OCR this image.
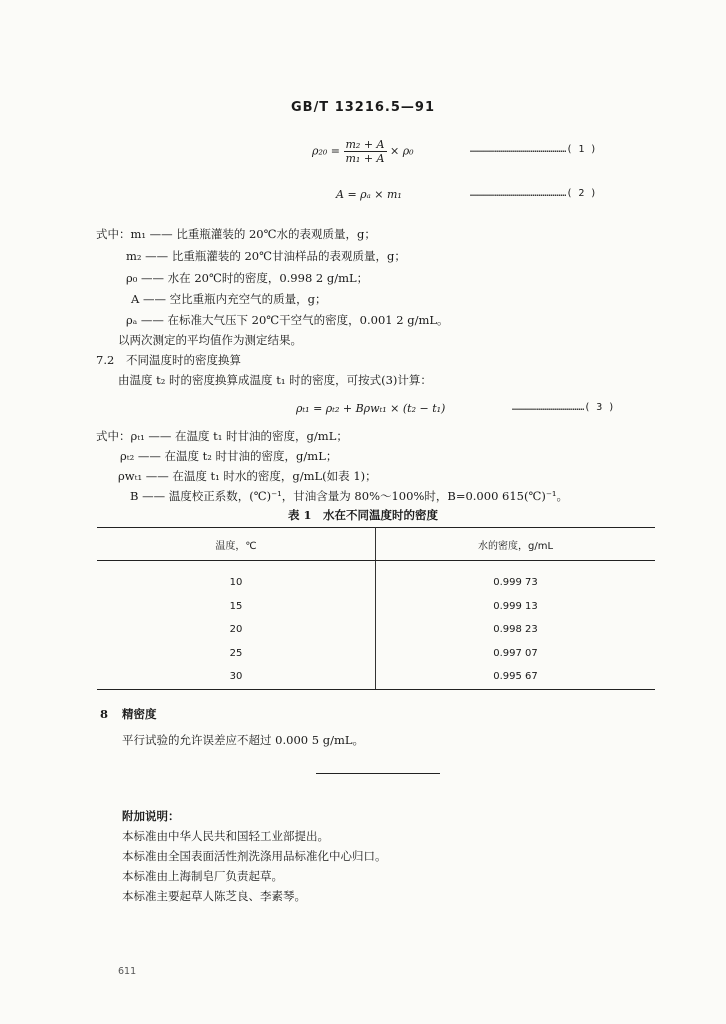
GB/T 13216.5—91
$\rho_{20} = \frac{\text{m₂ + A}}{\text{m₁ + A}} \times \rho_0$	…………………………………………( 1 )
A = ρₐ × m₁	…………………………………………( 2 )
式中：m₁ —— 比重瓶灌装的 20℃水的表观质量，g；
m₂ —— 比重瓶灌装的 20℃甘油样品的表观质量，g；
ρ₀ —— 水在 20℃时的密度，0.998 2 g/mL；
A —— 空比重瓶内充空气的质量，g；
ρₐ —— 在标准大气压下 20℃干空气的密度，0.001 2 g/mL。
以两次测定的平均值作为测定结果。
7.2 不同温度时的密度换算
由温度 t₂ 时的密度换算成温度 t₁ 时的密度，可按式(3)计算：
ρₜ₁ = ρₜ₂ + Bρwₜ₁ × (t₂ − t₁)	………………………………( 3 )
式中：ρₜ₁ —— 在温度 t₁ 时甘油的密度，g/mL；
ρₜ₂ —— 在温度 t₂ 时甘油的密度，g/mL；
ρwₜ₁ —— 在温度 t₁ 时水的密度，g/mL(如表 1)；
B —— 温度校正系数，(℃)⁻¹，甘油含量为 80%～100%时，B=0.000 615(℃)⁻¹。
表 1　水在不同温度时的密度
温度，℃	水的密度，g/mL

10	0.999 73
15	0.999 13
20	0.998 23
25	0.997 07
30	0.995 67
8 精密度
平行试验的允许误差应不超过 0.000 5 g/mL。
附加说明：
本标准由中华人民共和国轻工业部提出。
本标准由全国表面活性剂洗涤用品标准化中心归口。
本标准由上海制皂厂负责起草。
本标准主要起草人陈芝良、李素琴。
611
